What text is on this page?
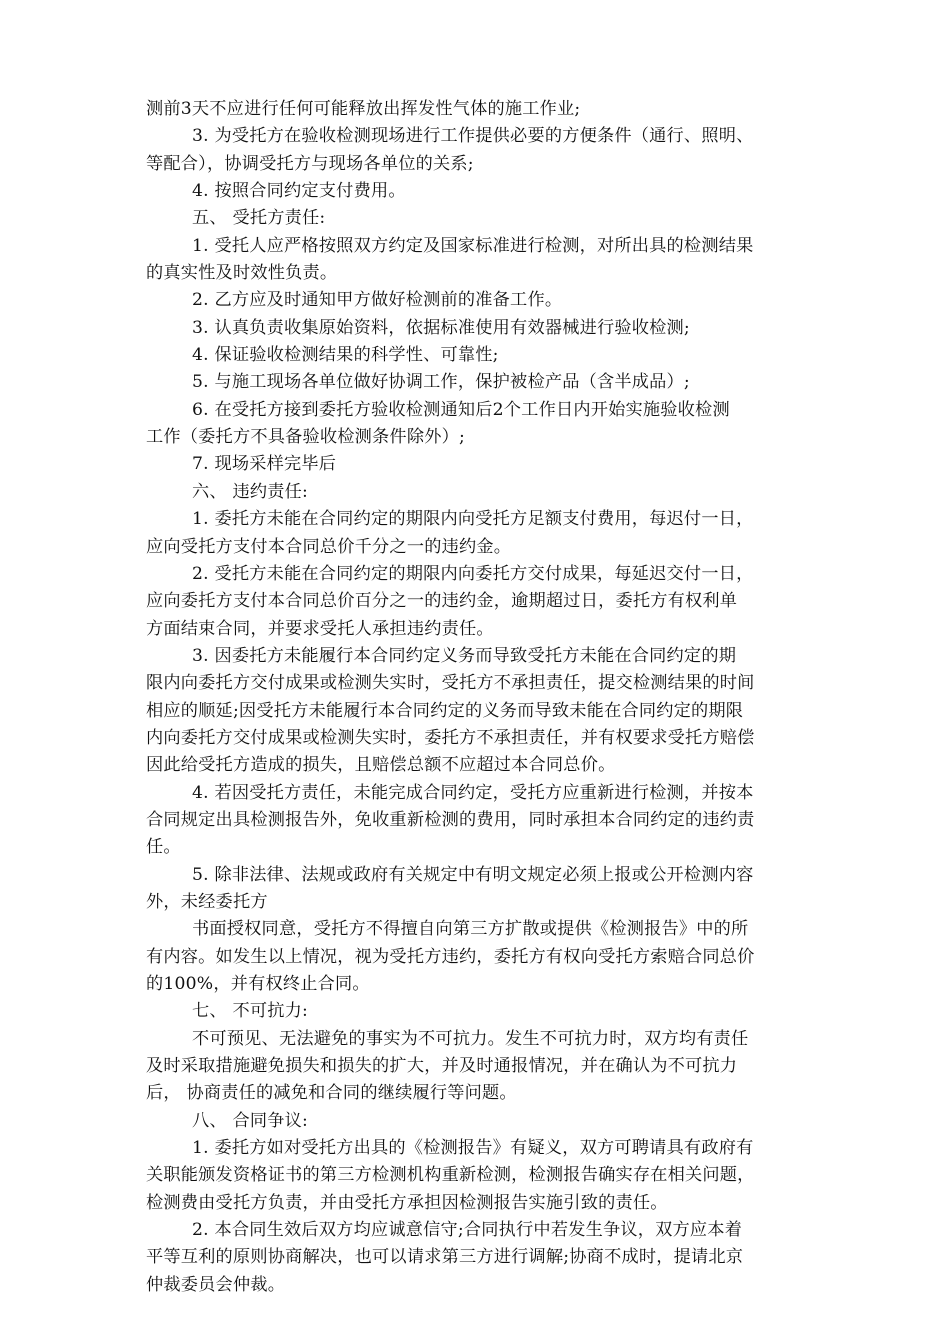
测前3天不应进行任何可能释放出挥发性气体的施工作业;
3. 为受托方在验收检测现场进行工作提供必要的方便条件（通行、照明、
等配合），协调受托方与现场各单位的关系;
4. 按照合同约定支付费用。
五、 受托方责任:
1. 受托人应严格按照双方约定及国家标准进行检测，对所出具的检测结果
的真实性及时效性负责。
2. 乙方应及时通知甲方做好检测前的准备工作。
3. 认真负责收集原始资料，依据标准使用有效器械进行验收检测;
4. 保证验收检测结果的科学性、可靠性;
5. 与施工现场各单位做好协调工作，保护被检产品（含半成品）;
6. 在受托方接到委托方验收检测通知后2个工作日内开始实施验收检测
工作（委托方不具备验收检测条件除外）;
7. 现场采样完毕后
六、 违约责任:
1. 委托方未能在合同约定的期限内向受托方足额支付费用，每迟付一日，
应向受托方支付本合同总价千分之一的违约金。
2. 受托方未能在合同约定的期限内向委托方交付成果，每延迟交付一日，
应向委托方支付本合同总价百分之一的违约金，逾期超过日，委托方有权利单
方面结束合同，并要求受托人承担违约责任。
3. 因委托方未能履行本合同约定义务而导致受托方未能在合同约定的期
限内向委托方交付成果或检测失实时，受托方不承担责任，提交检测结果的时间
相应的顺延;因受托方未能履行本合同约定的义务而导致未能在合同约定的期限
内向委托方交付成果或检测失实时，委托方不承担责任，并有权要求受托方赔偿
因此给受托方造成的损失，且赔偿总额不应超过本合同总价。
4. 若因受托方责任，未能完成合同约定，受托方应重新进行检测，并按本
合同规定出具检测报告外，免收重新检测的费用，同时承担本合同约定的违约责
任。
5. 除非法律、法规或政府有关规定中有明文规定必须上报或公开检测内容
外，未经委托方
书面授权同意，受托方不得擅自向第三方扩散或提供《检测报告》中的所
有内容。如发生以上情况，视为受托方违约，委托方有权向受托方索赔合同总价
的100%，并有权终止合同。
七、 不可抗力:
不可预见、无法避免的事实为不可抗力。发生不可抗力时，双方均有责任
及时采取措施避免损失和损失的扩大，并及时通报情况，并在确认为不可抗力
后， 协商责任的减免和合同的继续履行等问题。
八、 合同争议:
1. 委托方如对受托方出具的《检测报告》有疑义，双方可聘请具有政府有
关职能颁发资格证书的第三方检测机构重新检测，检测报告确实存在相关问题，
检测费由受托方负责，并由受托方承担因检测报告实施引致的责任。
2. 本合同生效后双方均应诚意信守;合同执行中若发生争议，双方应本着
平等互利的原则协商解决，也可以请求第三方进行调解;协商不成时，提请北京
仲裁委员会仲裁。
